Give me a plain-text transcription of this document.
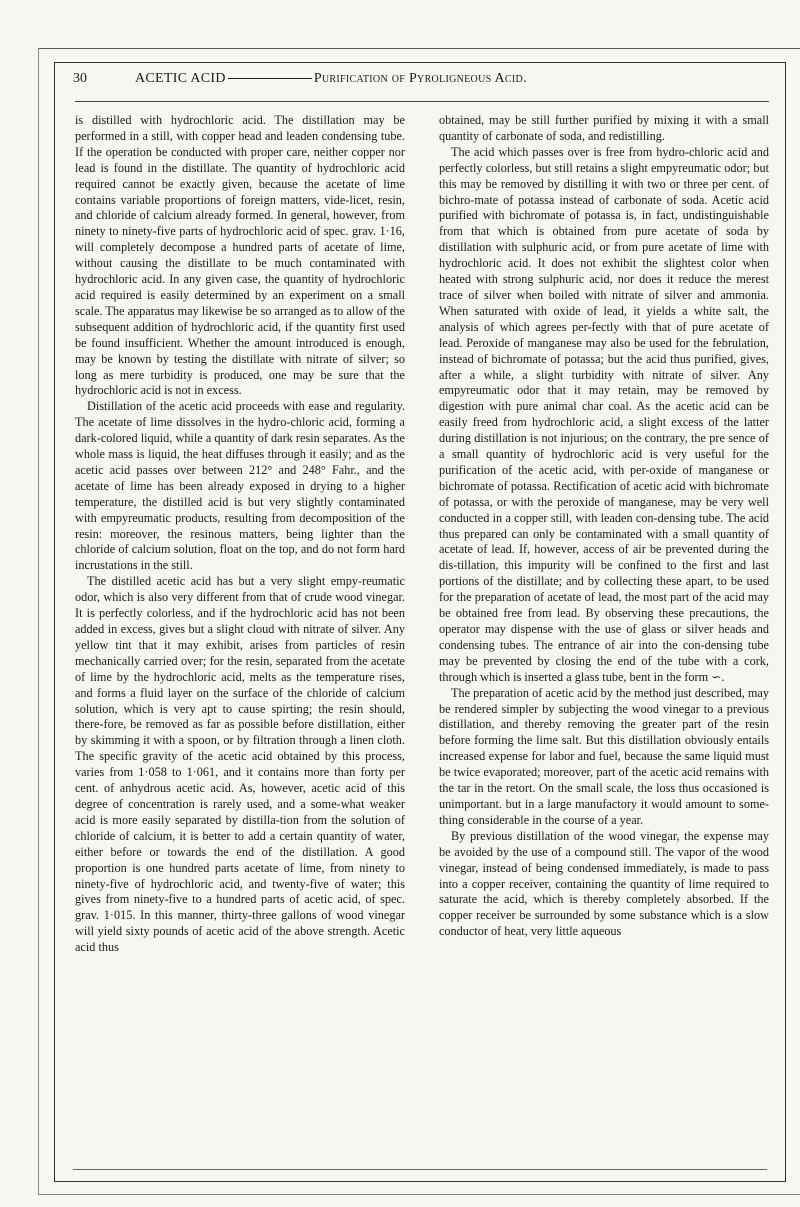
30	ACETIC ACID	Purification of Pyroligneous Acid.

is distilled with hydrochloric acid. The distillation may be performed in a still, with copper head and leaden condensing tube. If the operation be conducted with proper care, neither copper nor lead is found in the distillate. The quantity of hydrochloric acid required cannot be exactly given, because the acetate of lime contains variable proportions of foreign matters, vide-licet, resin, and chloride of calcium already formed. In general, however, from ninety to ninety-five parts of hydrochloric acid of spec. grav. 1·16, will completely decompose a hundred parts of acetate of lime, without causing the distillate to be much contaminated with hydrochloric acid. In any given case, the quantity of hydrochloric acid required is easily determined by an experiment on a small scale. The apparatus may likewise be so arranged as to allow of the subsequent addition of hydrochloric acid, if the quantity first used be found insufficient. Whether the amount introduced is enough, may be known by testing the distillate with nitrate of silver; so long as mere turbidity is produced, one may be sure that the hydrochloric acid is not in excess.

Distillation of the acetic acid proceeds with ease and regularity. The acetate of lime dissolves in the hydro-chloric acid, forming a dark-colored liquid, while a quantity of dark resin separates. As the whole mass is liquid, the heat diffuses through it easily; and as the acetic acid passes over between 212° and 248° Fahr., and the acetate of lime has been already exposed in drying to a higher temperature, the distilled acid is but very slightly contaminated with empyreumatic products, resulting from decomposition of the resin: moreover, the resinous matters, being lighter than the chloride of calcium solution, float on the top, and do not form hard incrustations in the still.

The distilled acetic acid has but a very slight empy-reumatic odor, which is also very different from that of crude wood vinegar. It is perfectly colorless, and if the hydrochloric acid has not been added in excess, gives but a slight cloud with nitrate of silver. Any yellow tint that it may exhibit, arises from particles of resin mechanically carried over; for the resin, separated from the acetate of lime by the hydrochloric acid, melts as the temperature rises, and forms a fluid layer on the surface of the chloride of calcium solution, which is very apt to cause spirting; the resin should, there-fore, be removed as far as possible before distillation, either by skimming it with a spoon, or by filtration through a linen cloth. The specific gravity of the acetic acid obtained by this process, varies from 1·058 to 1·061, and it contains more than forty per cent. of anhydrous acetic acid. As, however, acetic acid of this degree of concentration is rarely used, and a some-what weaker acid is more easily separated by distilla-tion from the solution of chloride of calcium, it is better to add a certain quantity of water, either before or towards the end of the distillation. A good proportion is one hundred parts acetate of lime, from ninety to ninety-five of hydrochloric acid, and twenty-five of water; this gives from ninety-five to a hundred parts of acetic acid, of spec. grav. 1·015. In this manner, thirty-three gallons of wood vinegar will yield sixty pounds of acetic acid of the above strength. Acetic acid thus

obtained, may be still further purified by mixing it with a small quantity of carbonate of soda, and redistilling.

The acid which passes over is free from hydro-chloric acid and perfectly colorless, but still retains a slight empyreumatic odor; but this may be removed by distilling it with two or three per cent. of bichro-mate of potassa instead of carbonate of soda. Acetic acid purified with bichromate of potassa is, in fact, undistinguishable from that which is obtained from pure acetate of soda by distillation with sulphuric acid, or from pure acetate of lime with hydrochloric acid. It does not exhibit the slightest color when heated with strong sulphuric acid, nor does it reduce the merest trace of silver when boiled with nitrate of silver and ammonia. When saturated with oxide of lead, it yields a white salt, the analysis of which agrees per-fectly with that of pure acetate of lead. Peroxide of manganese may also be used for the februlation, instead of bichromate of potassa; but the acid thus purified, gives, after a while, a slight turbidity with nitrate of silver. Any empyreumatic odor that it may retain, may be removed by digestion with pure animal char coal. As the acetic acid can be easily freed from hydrochloric acid, a slight excess of the latter during distillation is not injurious; on the contrary, the pre sence of a small quantity of hydrochloric acid is very useful for the purification of the acetic acid, with per-oxide of manganese or bichromate of potassa. Rectification of acetic acid with bichromate of potassa, or with the peroxide of manganese, may be very well conducted in a copper still, with leaden con-densing tube. The acid thus prepared can only be contaminated with a small quantity of acetate of lead. If, however, access of air be prevented during the dis-tillation, this impurity will be confined to the first and last portions of the distillate; and by collecting these apart, to be used for the preparation of acetate of lead, the most part of the acid may be obtained free from lead. By observing these precautions, the operator may dispense with the use of glass or silver heads and condensing tubes. The entrance of air into the con-densing tube may be prevented by closing the end of the tube with a cork, through which is inserted a glass tube, bent in the form ∽.

The preparation of acetic acid by the method just described, may be rendered simpler by subjecting the wood vinegar to a previous distillation, and thereby removing the greater part of the resin before forming the lime salt. But this distillation obviously entails increased expense for labor and fuel, because the same liquid must be twice evaporated; moreover, part of the acetic acid remains with the tar in the retort. On the small scale, the loss thus occasioned is unimportant. but in a large manufactory it would amount to some-thing considerable in the course of a year.

By previous distillation of the wood vinegar, the expense may be avoided by the use of a compound still. The vapor of the wood vinegar, instead of being condensed immediately, is made to pass into a copper receiver, containing the quantity of lime required to saturate the acid, which is thereby completely absorbed. If the copper receiver be surrounded by some substance which is a slow conductor of heat, very little aqueous
